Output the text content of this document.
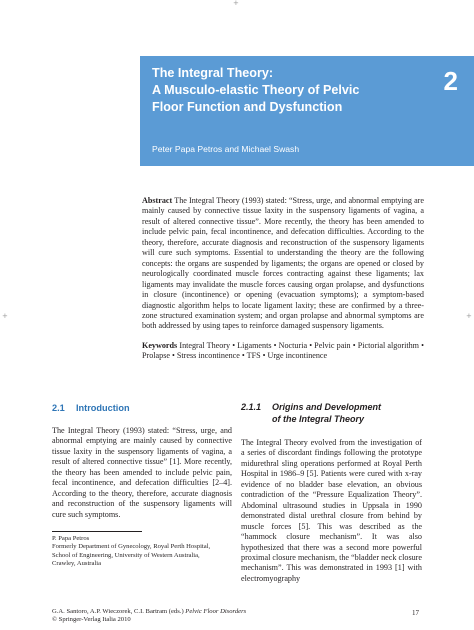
+
+	+
The Integral Theory:
A Musculo-elastic Theory of Pelvic
Floor Function and Dysfunction
2
Peter Papa Petros and Michael Swash
Abstract The Integral Theory (1993) stated: “Stress, urge, and abnormal emptying are mainly caused by connective tissue laxity in the suspensory ligaments of vagina, a result of altered connective tissue”. More recently, the theory has been amended to include pelvic pain, fecal incontinence, and defecation difficulties. According to the theory, therefore, accurate diagnosis and reconstruction of the suspensory ligaments will cure such symptoms. Essential to understanding the theory are the following concepts: the organs are suspended by ligaments; the organs are opened or closed by neurologically coordinated muscle forces contracting against these ligaments; lax ligaments may invalidate the muscle forces causing organ prolapse, and dysfunctions in closure (incontinence) or opening (evacuation symptoms); a symptom-based diagnostic algorithm helps to locate ligament laxity; these are confirmed by a three-zone structured examination system; and organ prolapse and abnormal symptoms are both addressed by using tapes to reinforce damaged suspensory ligaments.
Keywords Integral Theory • Ligaments • Nocturia • Pelvic pain • Pictorial algorithm • Prolapse • Stress incontinence • TFS • Urge incontinence
2.1 Introduction	2.1.1 Origins and Development
of the Integral Theory
The Integral Theory (1993) stated: “Stress, urge, and abnormal emptying are mainly caused by connective tissue laxity in the suspensory ligaments of vagina, a result of altered connective tissue” [1]. More recently, the theory has been amended to include pelvic pain, fecal incontinence, and defecation difficulties [2–4]. According to the theory, therefore, accurate diagnosis and reconstruction of the suspensory ligaments will cure such symptoms.
The Integral Theory evolved from the investigation of a series of discordant findings following the prototype midurethral sling operations performed at Royal Perth Hospital in 1986–9 [5]. Patients were cured with x-ray evidence of no bladder base elevation, an obvious contradiction of the “Pressure Equalization Theory”. Abdominal ultrasound studies in Uppsala in 1990 demonstrated distal urethral closure from behind by muscle forces [5]. This was described as the “hammock closure mechanism”. It was also hypothesized that there was a second more powerful proximal closure mechanism, the “bladder neck closure mechanism”. This was demonstrated in 1993 [1] with electromyography
P. Papa Petros
Formerly Department of Gynecology, Royal Perth Hospital,
School of Engineering, University of Western Australia,
Crawley, Australia
G.A. Santoro, A.P. Wieczorek, C.I. Bartram (eds.) Pelvic Floor Disorders
© Springer-Verlag Italia 2010
17
